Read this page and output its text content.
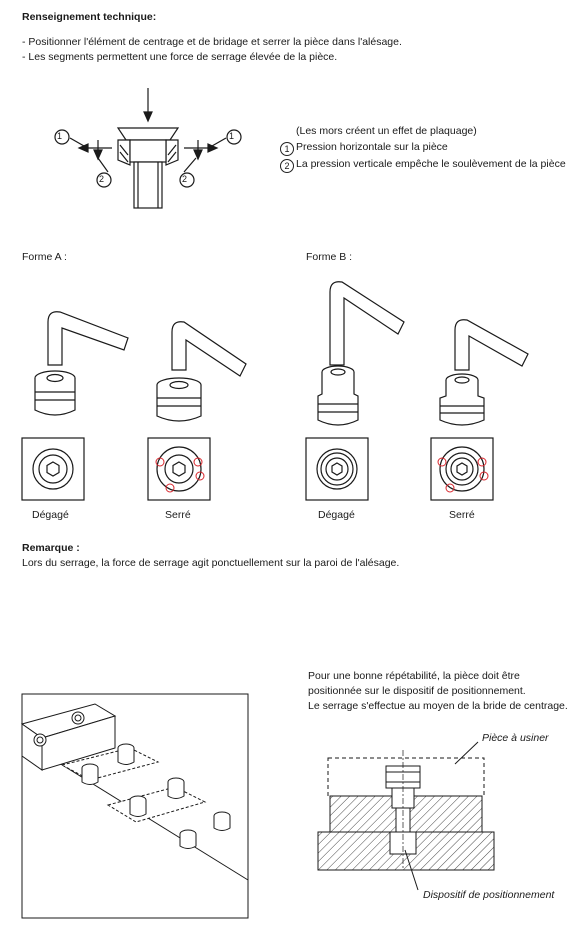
Renseignement technique:
- Positionner l'élément de centrage et de bridage et serrer la pièce dans l'alésage.
- Les segments permettent une force de serrage élevée de la pièce.
1	1
2	2
(Les mors créent un effet de plaquage)
1 Pression horizontale sur la pièce
2 La pression verticale empêche le soulèvement de la pièce
Forme A :	Forme B :
Dégagé	Serré	Dégagé	Serré
Remarque :
Lors du serrage, la force de serrage agit ponctuellement sur la paroi de l'alésage.
Pour une bonne répétabilité, la pièce doit être
positionnée sur le dispositif de positionnement.
Le serrage s'effectue au moyen de la bride de centrage.
Pièce à usiner
Dispositif de positionnement
